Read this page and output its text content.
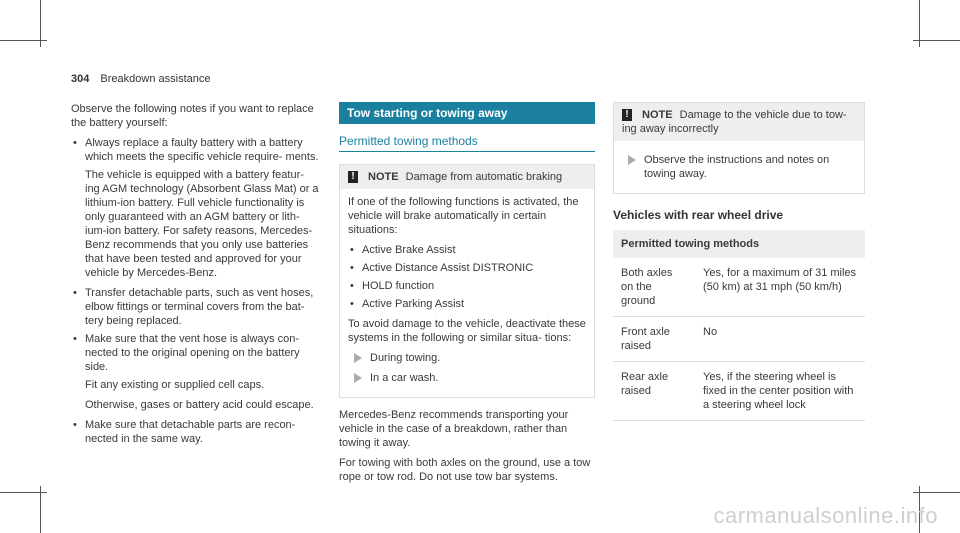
304 Breakdown assistance

Observe the following notes if you want to replace the battery yourself:

• Always replace a faulty battery with a battery which meets the specific vehicle require- ments.
The vehicle is equipped with a battery featur- ing AGM technology (Absorbent Glass Mat) or a lithium-ion battery. Full vehicle functionality is only guaranteed with an AGM battery or lith- ium-ion battery. For safety reasons, Mercedes- Benz recommends that you only use batteries that have been tested and approved for your vehicle by Mercedes-Benz.
• Transfer detachable parts, such as vent hoses, elbow fittings or terminal covers from the bat- tery being replaced.
• Make sure that the vent hose is always con- nected to the original opening on the battery side.
Fit any existing or supplied cell caps.
Otherwise, gases or battery acid could escape.
• Make sure that detachable parts are recon- nected in the same way.
Tow starting or towing away
Permitted towing methods
! NOTE Damage from automatic braking

If one of the following functions is activated, the vehicle will brake automatically in certain situations:

• Active Brake Assist
• Active Distance Assist DISTRONIC
• HOLD function
• Active Parking Assist

To avoid damage to the vehicle, deactivate these systems in the following or similar situa- tions:

During towing.
In a car wash.

Mercedes-Benz recommends transporting your vehicle in the case of a breakdown, rather than towing it away.

For towing with both axles on the ground, use a tow rope or tow rod. Do not use tow bar systems.

! NOTE Damage to the vehicle due to tow- ing away incorrectly
Observe the instructions and notes on towing away.
Vehicles with rear wheel drive
Permitted towing methods	
Both axles on the ground	Yes, for a maximum of 31 miles (50 km) at 31 mph (50 km/h)
Front axle raised	No
Rear axle raised	Yes, if the steering wheel is fixed in the center position with a steering wheel lock
carmanualsonline.info
